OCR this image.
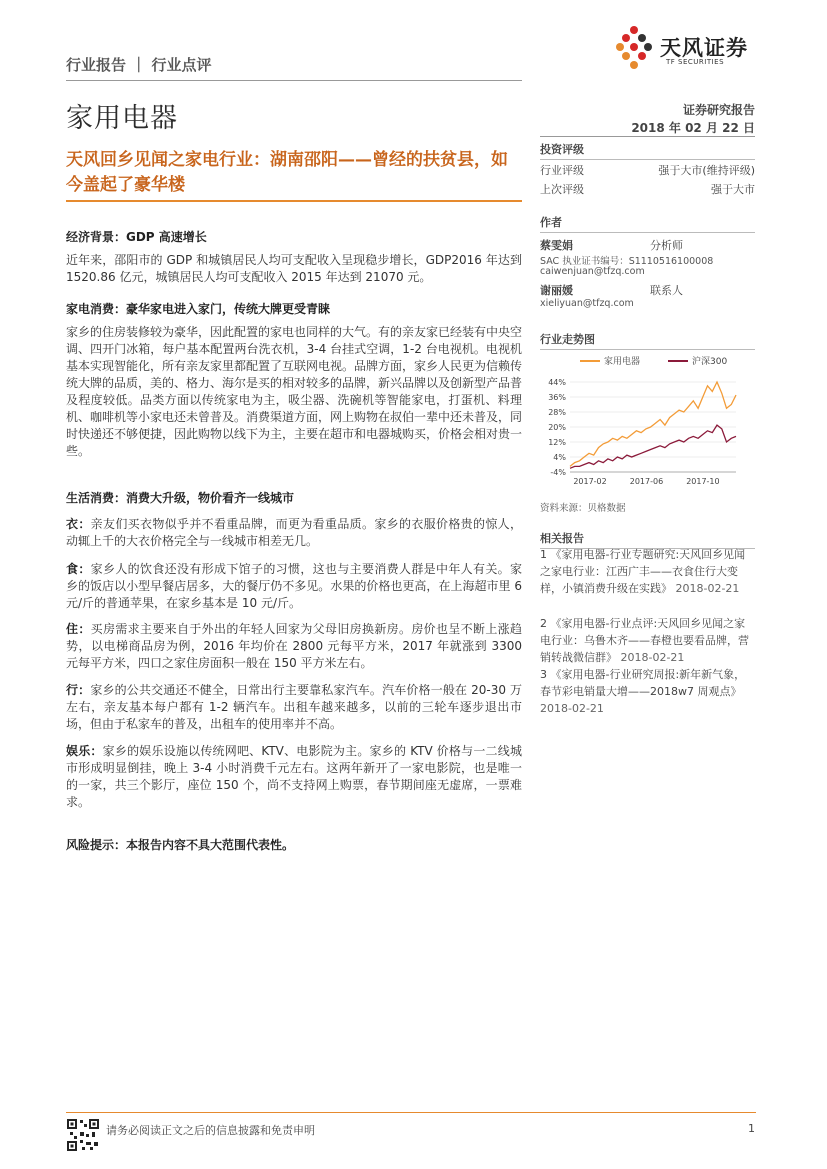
行业报告 ｜ 行业点评
天风证券
TF SECURITIES
家用电器	证券研究报告
2018 年 02 月 22 日
天风回乡见闻之家电行业：湖南邵阳——曾经的扶贫县，如今盖起了豪华楼
经济背景：GDP 高速增长
近年来，邵阳市的 GDP 和城镇居民人均可支配收入呈现稳步增长，GDP2016 年达到 1520.86 亿元，城镇居民人均可支配收入 2015 年达到 21070 元。
家电消费：豪华家电进入家门，传统大牌更受青睐
家乡的住房装修较为豪华，因此配置的家电也同样的大气。有的亲友家已经装有中央空调、四开门冰箱，每户基本配置两台洗衣机，3-4 台挂式空调，1-2 台电视机。电视机基本实现智能化，所有亲友家里都配置了互联网电视。品牌方面，家乡人民更为信赖传统大牌的品质，美的、格力、海尔是买的相对较多的品牌，新兴品牌以及创新型产品普及程度较低。品类方面以传统家电为主，吸尘器、洗碗机等智能家电，打蛋机、料理机、咖啡机等小家电还未曾普及。消费渠道方面，网上购物在叔伯一辈中还未普及，同时快递还不够便捷，因此购物以线下为主，主要在超市和电器城购买，价格会相对贵一些。
生活消费：消费大升级，物价看齐一线城市
衣：亲友们买衣物似乎并不看重品牌，而更为看重品质。家乡的衣服价格贵的惊人，动辄上千的大衣价格完全与一线城市相差无几。
食：家乡人的饮食还没有形成下馆子的习惯，这也与主要消费人群是中年人有关。家乡的饭店以小型早餐店居多，大的餐厅仍不多见。水果的价格也更高，在上海超市里 6 元/斤的普通苹果，在家乡基本是 10 元/斤。
住：买房需求主要来自于外出的年轻人回家为父母旧房换新房。房价也呈不断上涨趋势，以电梯商品房为例，2016 年均价在 2800 元每平方米，2017 年就涨到 3300 元每平方米，四口之家住房面积一般在 150 平方米左右。
行：家乡的公共交通还不健全，日常出行主要靠私家汽车。汽车价格一般在 20-30 万左右，亲友基本每户都有 1-2 辆汽车。出租车越来越多，以前的三轮车逐步退出市场，但由于私家车的普及，出租车的使用率并不高。
娱乐：家乡的娱乐设施以传统网吧、KTV、电影院为主。家乡的 KTV 价格与一二线城市形成明显倒挂，晚上 3-4 小时消费千元左右。这两年新开了一家电影院，也是唯一的一家，共三个影厅，座位 150 个，尚不支持网上购票，春节期间座无虚席，一票难求。
风险提示：本报告内容不具大范围代表性。
投资评级
行业评级	强于大市(维持评级)
上次评级	强于大市
作者
蔡雯娟	分析师
SAC 执业证书编号：S1110516100008
caiwenjuan@tfzq.com
谢丽媛	联系人
xieliyuan@tfzq.com
行业走势图
家用电器	沪深300
44%
36%
28%
20%
12%
4%
-4%
2017-02	2017-06	2017-10
资料来源：贝格数据
相关报告
1 《家用电器-行业专题研究:天风回乡见闻之家电行业：江西广丰——衣食住行大变样，小镇消费升级在实践》 2018-02-21
2 《家用电器-行业点评:天风回乡见闻之家电行业：乌鲁木齐——春橙也要看品牌，营销转战微信群》 2018-02-21
3 《家用电器-行业研究周报:新年新气象，春节彩电销量大增——2018w7 周观点》 2018-02-21
请务必阅读正文之后的信息披露和免责申明	1
